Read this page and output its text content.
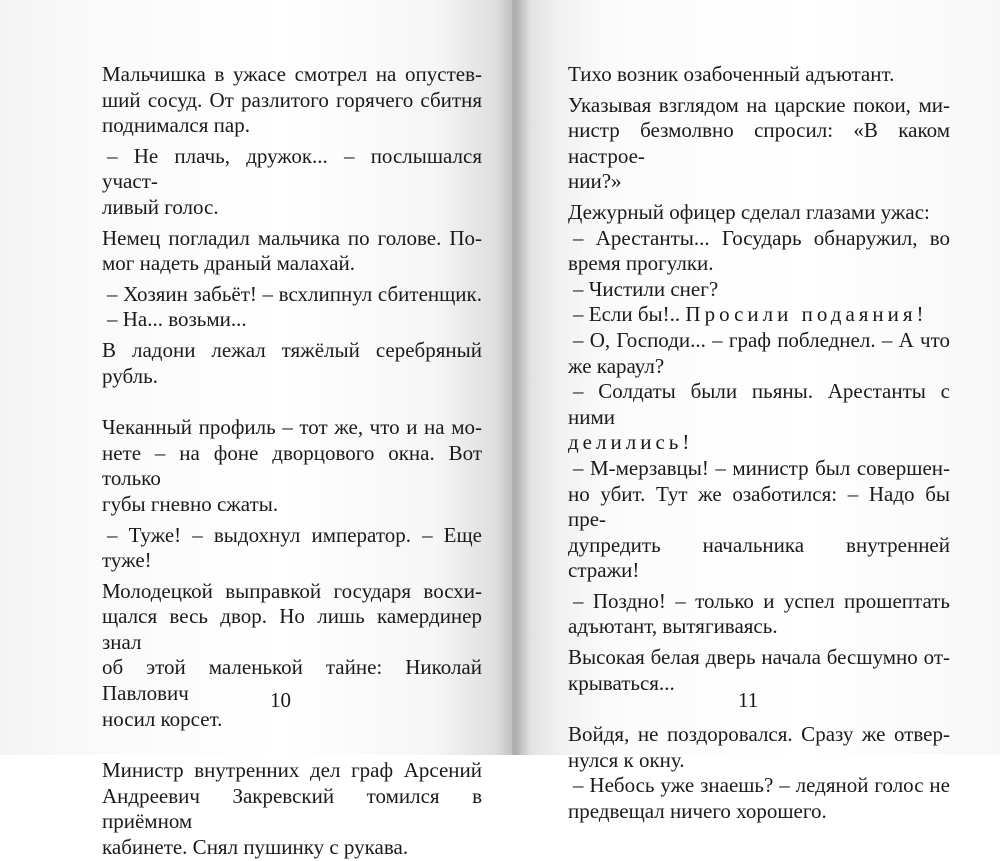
Мальчишка в ужасе смотрел на опустев-

ший сосуд. От разлитого горячего сбитня

поднимался пар.

– Не плачь, дружок... – послышался участ-

ливый голос.

Немец погладил мальчика по голове. По-

мог надеть драный малахай.

– Хозяин забьёт! – всхлипнул сбитенщик.

– На... возьми...

В ладони лежал тяжёлый серебряный

рубль.

Чеканный профиль – тот же, что и на мо-

нете – на фоне дворцового окна. Вот только

губы гневно сжаты.

– Туже! – выдохнул император. – Еще

туже!

Молодецкой выправкой государя восхи-

щался весь двор. Но лишь камердинер знал

об этой маленькой тайне: Николай Павлович

носил корсет.

Министр внутренних дел граф Арсений

Андреевич Закревский томился в приёмном

кабинете. Снял пушинку с рукава.

10

Тихо возник озабоченный адъютант.

Указывая взглядом на царские покои, ми-

нистр безмолвно спросил: «В каком настрое-

нии?»

Дежурный офицер сделал глазами ужас:

– Арестанты... Государь обнаружил, во

время прогулки.

– Чистили снег?

– Если бы!.. Просили подаяния!

– О, Господи... – граф побледнел. – А что

же караул?

– Солдаты были пьяны. Арестанты с ними

делились!

– М-мерзавцы! – министр был совершен-

но убит. Тут же озаботился: – Надо бы пре-

дупредить начальника внутренней стражи!

– Поздно! – только и успел прошептать

адъютант, вытягиваясь.

Высокая белая дверь начала бесшумно от-

крываться...

Войдя, не поздоровался. Сразу же отвер-

нулся к окну.

– Небось уже знаешь? – ледяной голос не

предвещал ничего хорошего.

11
